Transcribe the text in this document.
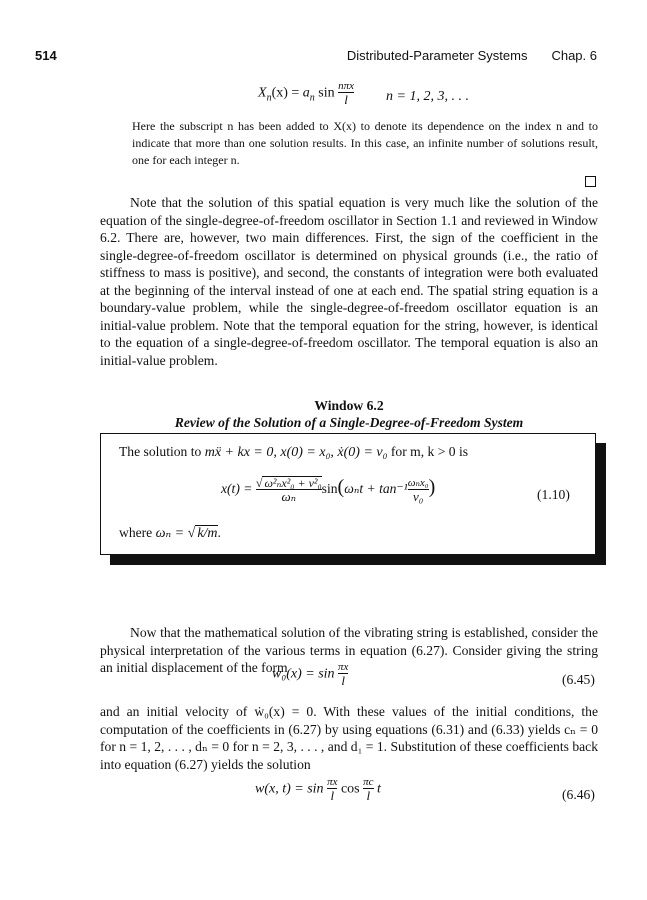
514	Distributed-Parameter Systems Chap. 6
$X_n(x) = a_n$ $\sin \frac{\text{nπx}}{l}$ n = 1, 2, 3, . . .
Here the subscript n has been added to X(x) to denote its dependence on the index n and to indicate that more than one solution results. In this case, an infinite number of solutions result, one for each integer n.

Note that the solution of this spatial equation is very much like the solution of the equation of the single-degree-of-freedom oscillator in Section 1.1 and reviewed in Window 6.2. There are, however, two main differences. First, the sign of the coefficient in the single-degree-of-freedom oscillator is determined on physical grounds (i.e., the ratio of stiffness to mass is positive), and second, the constants of integration were both evaluated at the beginning of the interval instead of one at each end. The spatial string equation is a boundary-value problem, while the single-degree-of-freedom oscillator equation is an initial-value problem. Note that the temporal equation for the string, however, is identical to the equation of a single-degree-of-freedom oscillator. The temporal equation is also an initial-value problem.

Window 6.2
Review of the Solution of a Single-Degree-of-Freedom System
The solution to mẍ + kx = 0, x(0) = x₀, ẋ(0) = v₀ for m, k > 0 is
$x(t) = \frac{\text{√ ω²ₙx²₀ + v²₀}}{\text{ωₙ}} \sin(\omega_nt + \tan^{-1} \frac{\text{ωₙx₀}}{\text{v₀}}$ )	(1.10)
where ωₙ = √ k/m.

Now that the mathematical solution of the vibrating string is established, consider the physical interpretation of the various terms in equation (6.27). Consider giving the string an initial displacement of the form

$w_0(x) = \sin \frac{\pi x}{l}$	(6.45)

and an initial velocity of ẇ₀(x) = 0. With these values of the initial conditions, the computation of the coefficients in (6.27) by using equations (6.31) and (6.33) yields cₙ = 0 for n = 1, 2, . . . , dₙ = 0 for n = 2, 3, . . . , and d₁ = 1. Substitution of these coefficients back into equation (6.27) yields the solution

w(x, $t) = \sin \frac{\pi x}{l}$ $\cos \frac{\pi c}{l}$ t	(6.46)
